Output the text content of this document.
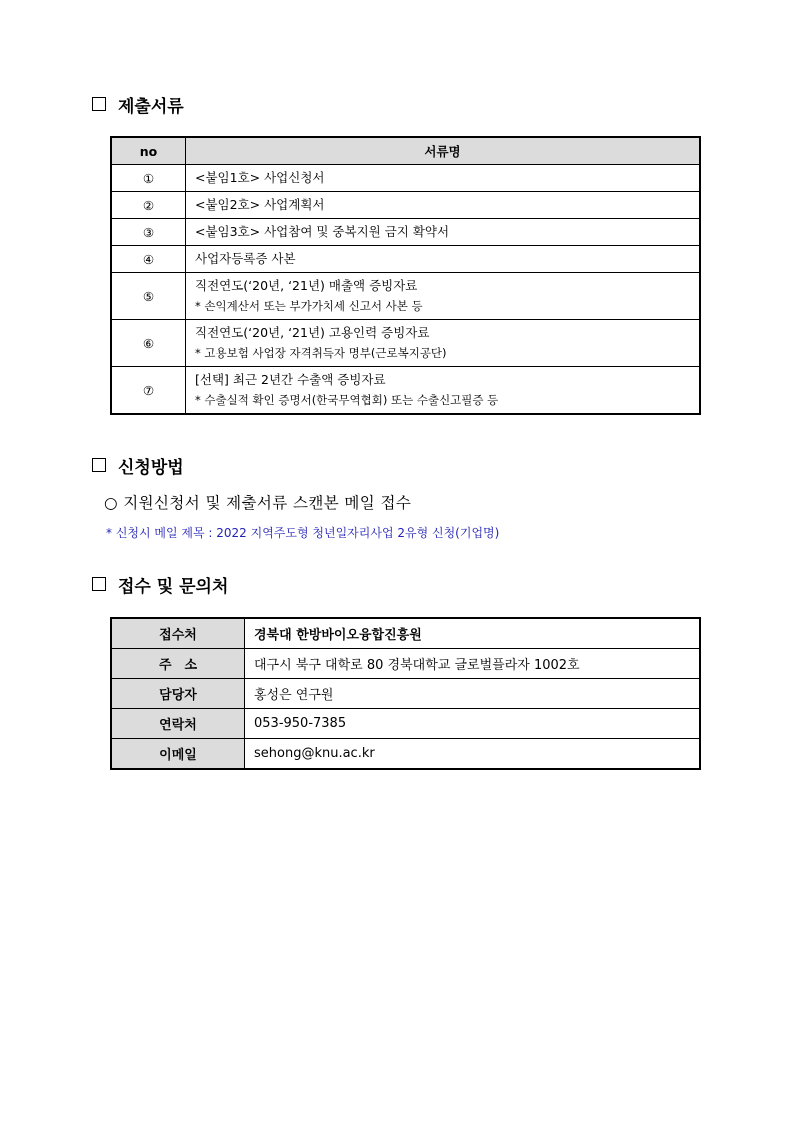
제출서류
no	서류명
①	<붙임1호> 사업신청서
②	<붙임2호> 사업계획서
③	<붙임3호> 사업참여 및 중복지원 금지 확약서
④	사업자등록증 사본
⑤	직전연도(‘20년, ‘21년) 매출액 증빙자료
* 손익계산서 또는 부가가치세 신고서 사본 등

⑥	직전연도(‘20년, ‘21년) 고용인력 증빙자료
* 고용보험 사업장 자격취득자 명부(근로복지공단)

⑦	[선택] 최근 2년간 수출액 증빙자료
* 수출실적 확인 증명서(한국무역협회) 또는 수출신고필증 등
신청방법
○ 지원신청서 및 제출서류 스캔본 메일 접수
* 신청시 메일 제목 : 2022 지역주도형 청년일자리사업 2유형 신청(기업명)
접수 및 문의처
접수처	경북대 한방바이오융합진흥원
주　소	대구시 북구 대학로 80 경북대학교 글로벌플라자 1002호
담당자	홍성은 연구원
연락처	053-950-7385
이메일	sehong@knu.ac.kr
